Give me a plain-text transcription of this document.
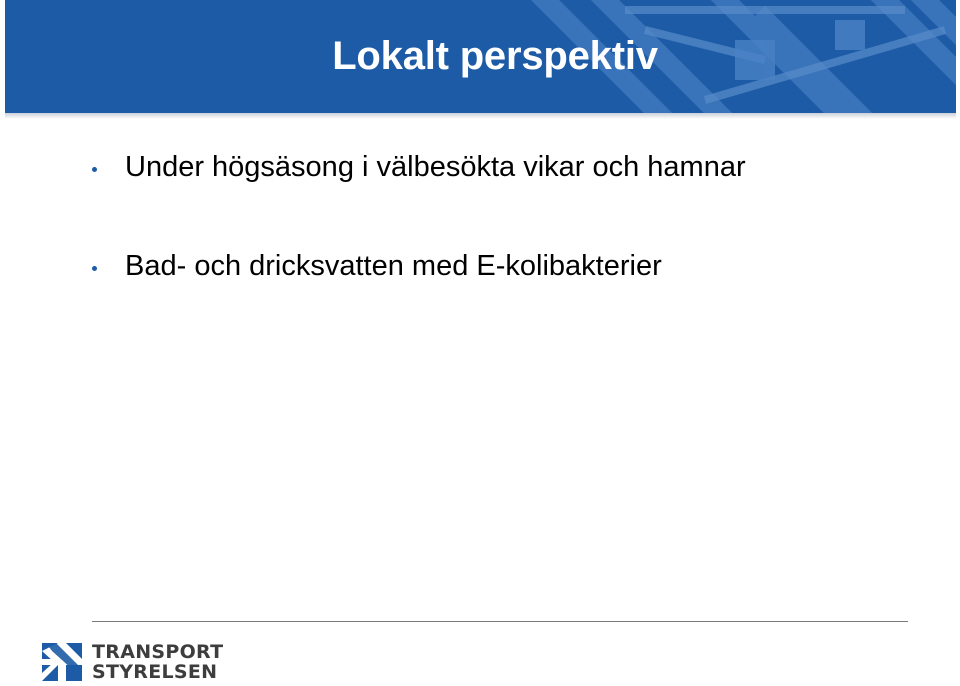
Lokalt perspektiv
Under högsäsong i välbesökta vikar och hamnar
Bad- och dricksvatten med E-kolibakterier
TRANSPORT
STYRELSEN
